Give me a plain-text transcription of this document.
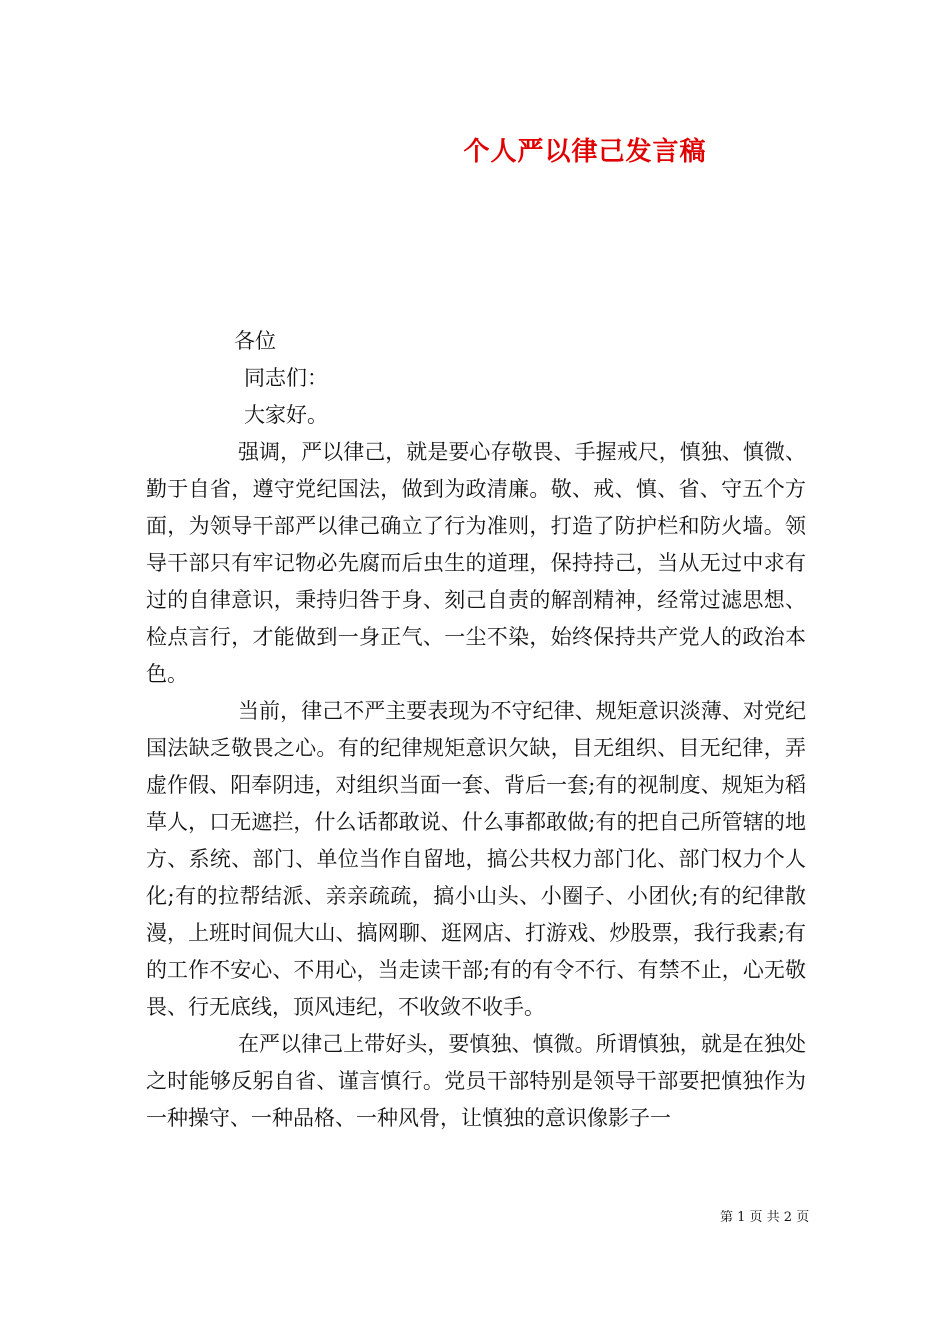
个人严以律己发言稿
各位
同志们：
大家好。

强调，严以律己，就是要心存敬畏、手握戒尺，慎独、慎微、勤于自省，遵守党纪国法，做到为政清廉。敬、戒、慎、省、守五个方面，为领导干部严以律己确立了行为准则，打造了防护栏和防火墙。领导干部只有牢记物必先腐而后虫生的道理，保持持己，当从无过中求有过的自律意识，秉持归咎于身、刻己自责的解剖精神，经常过滤思想、检点言行，才能做到一身正气、一尘不染，始终保持共产党人的政治本色。

当前，律己不严主要表现为不守纪律、规矩意识淡薄、对党纪国法缺乏敬畏之心。有的纪律规矩意识欠缺，目无组织、目无纪律，弄虚作假、阳奉阴违，对组织当面一套、背后一套;有的视制度、规矩为稻草人，口无遮拦，什么话都敢说、什么事都敢做;有的把自己所管辖的地方、系统、部门、单位当作自留地，搞公共权力部门化、部门权力个人化;有的拉帮结派、亲亲疏疏，搞小山头、小圈子、小团伙;有的纪律散漫，上班时间侃大山、搞网聊、逛网店、打游戏、炒股票，我行我素;有的工作不安心、不用心，当走读干部;有的有令不行、有禁不止，心无敬畏、行无底线，顶风违纪，不收敛不收手。

在严以律己上带好头，要慎独、慎微。所谓慎独，就是在独处之时能够反躬自省、谨言慎行。党员干部特别是领导干部要把慎独作为一种操守、一种品格、一种风骨，让慎独的意识像影子一

第 1 页 共 2 页
